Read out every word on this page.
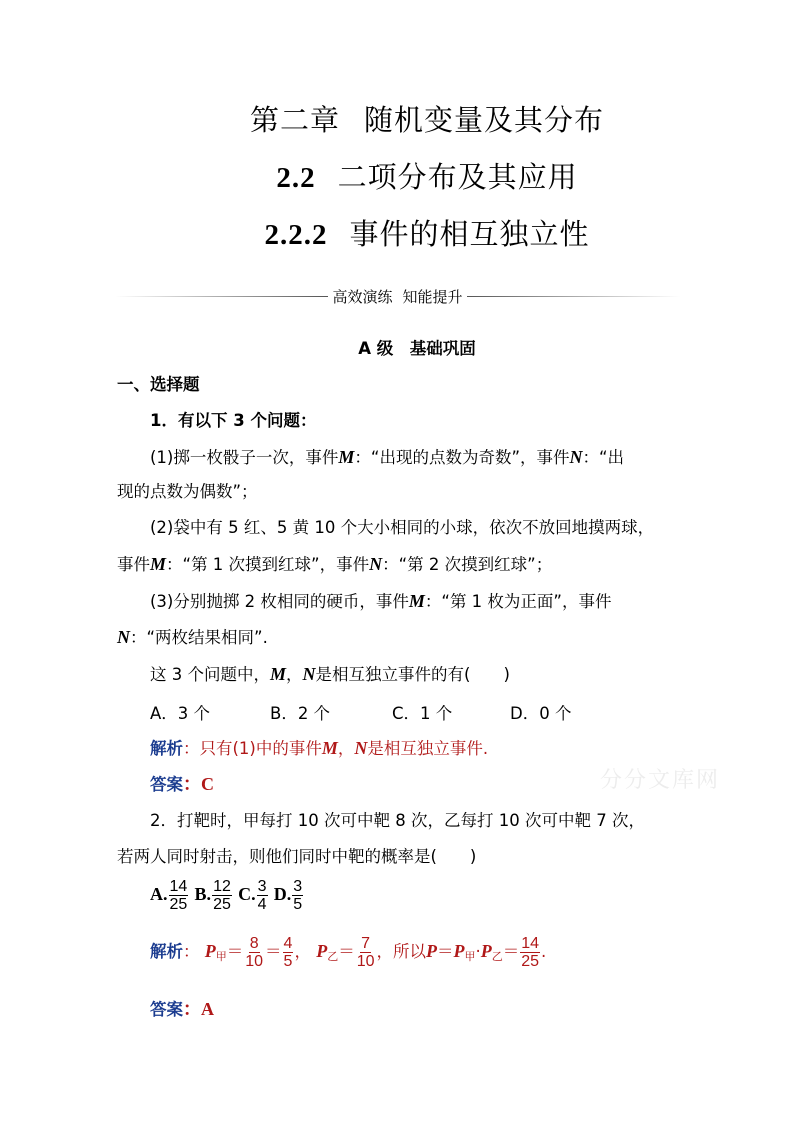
第二章 随机变量及其分布
2.2 二项分布及其应用
2.2.2 事件的相互独立性
高效演练 知能提升
A 级　基础巩固
一、选择题
1．有以下 3 个问题：
(1)掷一枚骰子一次，事件M：“出现的点数为奇数”，事件N：“出
现的点数为偶数”；
(2)袋中有 5 红、5 黄 10 个大小相同的小球，依次不放回地摸两球，
事件M：“第 1 次摸到红球”，事件N：“第 2 次摸到红球”；
(3)分别抛掷 2 枚相同的硬币，事件M：“第 1 枚为正面”，事件
N：“两枚结果相同”.
这 3 个问题中，M，N是相互独立事件的有(　　)
A．3 个	B．2 个	C．1 个	D．0 个
解析：只有(1)中的事件M，N是相互独立事件.
答案：C	分分文库网
2．打靶时，甲每打 10 次可中靶 8 次，乙每打 10 次可中靶 7 次，
若两人同时射击，则他们同时中靶的概率是(　　)
A. $\frac{14}{25} B$. $\frac{12}{25} C$. $\frac{3}{4} D$. $\frac{3}{5}$
解析： $P_甲= \frac{8}{10} = \frac{4}{5}$ ， $P_乙= \frac{7}{10}$ ，所以$P=P_甲\cdot P_乙= \frac{14}{25}$ .
答案：A
